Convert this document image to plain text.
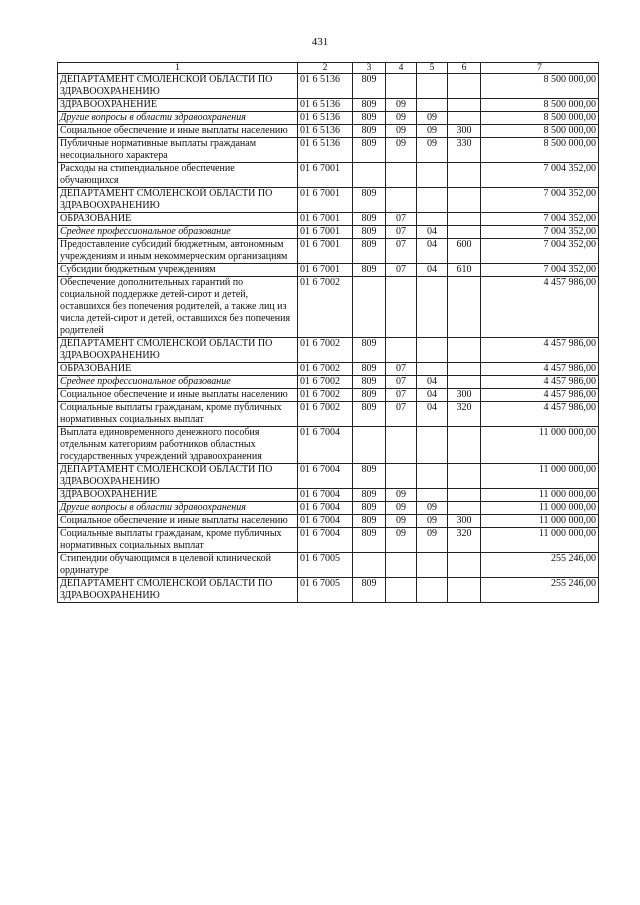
431
1	2	3	4	5	6	7
ДЕПАРТАМЕНТ СМОЛЕНСКОЙ ОБЛАСТИ ПО ЗДРАВООХРАНЕНИЮ	01 6 5136	809				8 500 000,00
ЗДРАВООХРАНЕНИЕ	01 6 5136	809	09			8 500 000,00
Другие вопросы в области здравоохранения	01 6 5136	809	09	09		8 500 000,00
Социальное обеспечение и иные выплаты населению	01 6 5136	809	09	09	300	8 500 000,00
Публичные нормативные выплаты гражданам несоциального характера	01 6 5136	809	09	09	330	8 500 000,00
Расходы на стипендиальное обеспечение обучающихся	01 6 7001					7 004 352,00
ДЕПАРТАМЕНТ СМОЛЕНСКОЙ ОБЛАСТИ ПО ЗДРАВООХРАНЕНИЮ	01 6 7001	809				7 004 352,00
ОБРАЗОВАНИЕ	01 6 7001	809	07			7 004 352,00
Среднее профессиональное образование	01 6 7001	809	07	04		7 004 352,00
Предоставление субсидий бюджетным, автономным учреждениям и иным некоммерческим организациям	01 6 7001	809	07	04	600	7 004 352,00
Субсидии бюджетным учреждениям	01 6 7001	809	07	04	610	7 004 352,00
Обеспечение дополнительных гарантий по социальной поддержке детей-сирот и детей, оставшихся без попечения родителей, а также лиц из числа детей-сирот и детей, оставшихся без попечения родителей	01 6 7002					4 457 986,00
ДЕПАРТАМЕНТ СМОЛЕНСКОЙ ОБЛАСТИ ПО ЗДРАВООХРАНЕНИЮ	01 6 7002	809				4 457 986,00
ОБРАЗОВАНИЕ	01 6 7002	809	07			4 457 986,00
Среднее профессиональное образование	01 6 7002	809	07	04		4 457 986,00
Социальное обеспечение и иные выплаты населению	01 6 7002	809	07	04	300	4 457 986,00
Социальные выплаты гражданам, кроме публичных нормативных социальных выплат	01 6 7002	809	07	04	320	4 457 986,00
Выплата единовременного денежного пособия отдельным категориям работников областных государственных учреждений здравоохранения	01 6 7004					11 000 000,00
ДЕПАРТАМЕНТ СМОЛЕНСКОЙ ОБЛАСТИ ПО ЗДРАВООХРАНЕНИЮ	01 6 7004	809				11 000 000,00
ЗДРАВООХРАНЕНИЕ	01 6 7004	809	09			11 000 000,00
Другие вопросы в области здравоохранения	01 6 7004	809	09	09		11 000 000,00
Социальное обеспечение и иные выплаты населению	01 6 7004	809	09	09	300	11 000 000,00
Социальные выплаты гражданам, кроме публичных нормативных социальных выплат	01 6 7004	809	09	09	320	11 000 000,00
Стипендии обучающимся в целевой клинической ординатуре	01 6 7005					255 246,00
ДЕПАРТАМЕНТ СМОЛЕНСКОЙ ОБЛАСТИ ПО ЗДРАВООХРАНЕНИЮ	01 6 7005	809				255 246,00
